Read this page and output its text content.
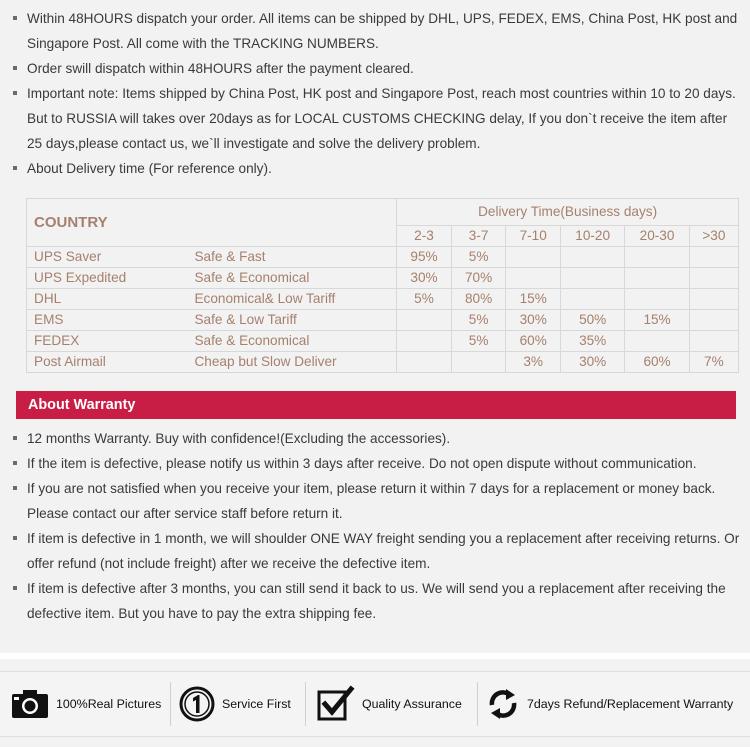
Within 48HOURS dispatch your order. All items can be shipped by DHL, UPS, FEDEX, EMS, China Post, HK post and Singapore Post. All come with the TRACKING NUMBERS.
Order swill dispatch within 48HOURS after the payment cleared.
Important note: Items shipped by China Post, HK post and Singapore Post, reach most countries within 10 to 20 days. But to RUSSIA will takes over 20days as for LOCAL CUSTOMS CHECKING delay, If you don`t receive the item after 25 days,please contact us, we`ll investigate and solve the delivery problem.
About Delivery time (For reference only).
COUNTRY		Delivery Time(Business days)					
		2-3	3-7	7-10	10-20	20-30	>30
UPS Saver	Safe & Fast	95%	5%				
UPS Expedited	Safe & Economical	30%	70%				
DHL	Economical& Low Tariff	5%	80%	15%			
EMS	Safe & Low Tariff		5%	30%	50%	15%	
FEDEX	Safe & Economical		5%	60%	35%		
Post Airmail	Cheap but Slow Deliver			3%	30%	60%	7%
About Warranty
12 months Warranty. Buy with confidence!(Excluding the accessories).
If the item is defective, please notify us within 3 days after receive. Do not open dispute without communication.
If you are not satisfied when you receive your item, please return it within 7 days for a replacement or money back. Please contact our after service staff before return it.
If item is defective in 1 month, we will shoulder ONE WAY freight sending you a replacement after receiving returns. Or offer refund (not include freight) after we receive the defective item.
If item is defective after 3 months, you can still send it back to us. We will send you a replacement after receiving the defective item. But you have to pay the extra shipping fee.
100%Real Pictures	Service First	Quality Assurance	7days Refund/Replacement Warranty
